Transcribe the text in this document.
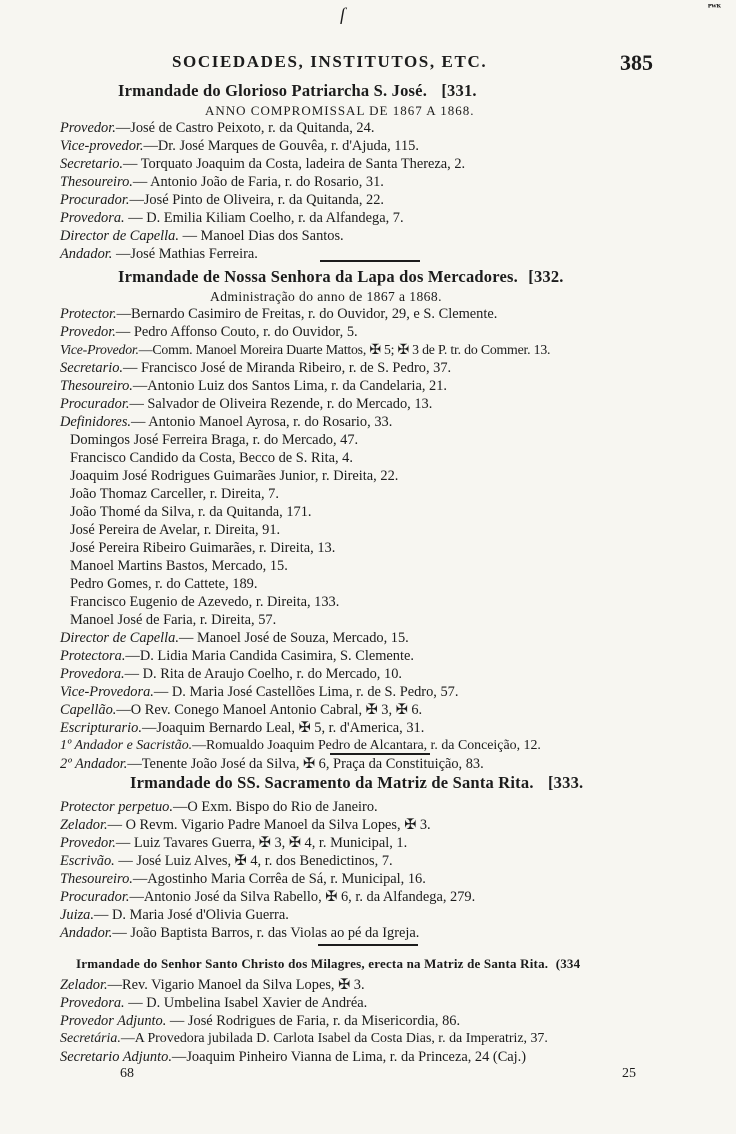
ſ	ᴾᵂᴷ
SOCIEDADES, INSTITUTOS, ETC.	385
Irmandade do Glorioso Patriarcha S. José. [331.
ANNO COMPROMISSAL DE 1867 A 1868.
Provedor.—José de Castro Peixoto, r. da Quitanda, 24.
Vice-provedor.—Dr. José Marques de Gouvêa, r. d'Ajuda, 115.
Secretario.— Torquato Joaquim da Costa, ladeira de Santa Thereza, 2.
Thesoureiro.— Antonio João de Faria, r. do Rosario, 31.
Procurador.—José Pinto de Oliveira, r. da Quitanda, 22.
Provedora. — D. Emilia Kiliam Coelho, r. da Alfandega, 7.
Director de Capella. — Manoel Dias dos Santos.
Andador. —José Mathias Ferreira.
Irmandade de Nossa Senhora da Lapa dos Mercadores. [332.
Administração do anno de 1867 a 1868.
Protector.—Bernardo Casimiro de Freitas, r. do Ouvidor, 29, e S. Clemente.
Provedor.— Pedro Affonso Couto, r. do Ouvidor, 5.
Vice-Provedor.—Comm. Manoel Moreira Duarte Mattos, ✠ 5; ✠ 3 de P. tr. do Commer. 13.
Secretario.— Francisco José de Miranda Ribeiro, r. de S. Pedro, 37.
Thesoureiro.—Antonio Luiz dos Santos Lima, r. da Candelaria, 21.
Procurador.— Salvador de Oliveira Rezende, r. do Mercado, 13.
Definidores.— Antonio Manoel Ayrosa, r. do Rosario, 33.
Domingos José Ferreira Braga, r. do Mercado, 47.
Francisco Candido da Costa, Becco de S. Rita, 4.
Joaquim José Rodrigues Guimarães Junior, r. Direita, 22.
João Thomaz Carceller, r. Direita, 7.
João Thomé da Silva, r. da Quitanda, 171.
José Pereira de Avelar, r. Direita, 91.
José Pereira Ribeiro Guimarães, r. Direita, 13.
Manoel Martins Bastos, Mercado, 15.
Pedro Gomes, r. do Cattete, 189.
Francisco Eugenio de Azevedo, r. Direita, 133.
Manoel José de Faria, r. Direita, 57.
Director de Capella.— Manoel José de Souza, Mercado, 15.
Protectora.—D. Lidia Maria Candida Casimira, S. Clemente.
Provedora.— D. Rita de Araujo Coelho, r. do Mercado, 10.
Vice-Provedora.— D. Maria José Castellões Lima, r. de S. Pedro, 57.
Capellão.—O Rev. Conego Manoel Antonio Cabral, ✠ 3, ✠ 6.
Escripturario.—Joaquim Bernardo Leal, ✠ 5, r. d'America, 31.
1º Andador e Sacristão.—Romualdo Joaquim Pedro de Alcantara, r. da Conceição, 12.
2º Andador.—Tenente João José da Silva, ✠ 6, Praça da Constituição, 83.
Irmandade do SS. Sacramento da Matriz de Santa Rita. [333.
Protector perpetuo.—O Exm. Bispo do Rio de Janeiro.
Zelador.— O Revm. Vigario Padre Manoel da Silva Lopes, ✠ 3.
Provedor.— Luiz Tavares Guerra, ✠ 3, ✠ 4, r. Municipal, 1.
Escrivão. — José Luiz Alves, ✠ 4, r. dos Benedictinos, 7.
Thesoureiro.—Agostinho Maria Corrêa de Sá, r. Municipal, 16.
Procurador.—Antonio José da Silva Rabello, ✠ 6, r. da Alfandega, 279.
Juiza.— D. Maria José d'Olivia Guerra.
Andador.— João Baptista Barros, r. das Violas ao pé da Igreja.
Irmandade do Senhor Santo Christo dos Milagres, erecta na Matriz de Santa Rita. (334
Zelador.—Rev. Vigario Manoel da Silva Lopes, ✠ 3.
Provedora. — D. Umbelina Isabel Xavier de Andréa.
Provedor Adjunto. — José Rodrigues de Faria, r. da Misericordia, 86.
Secretária.—A Provedora jubilada D. Carlota Isabel da Costa Dias, r. da Imperatriz, 37.
Secretario Adjunto.—Joaquim Pinheiro Vianna de Lima, r. da Princeza, 24 (Caj.)
68	25
